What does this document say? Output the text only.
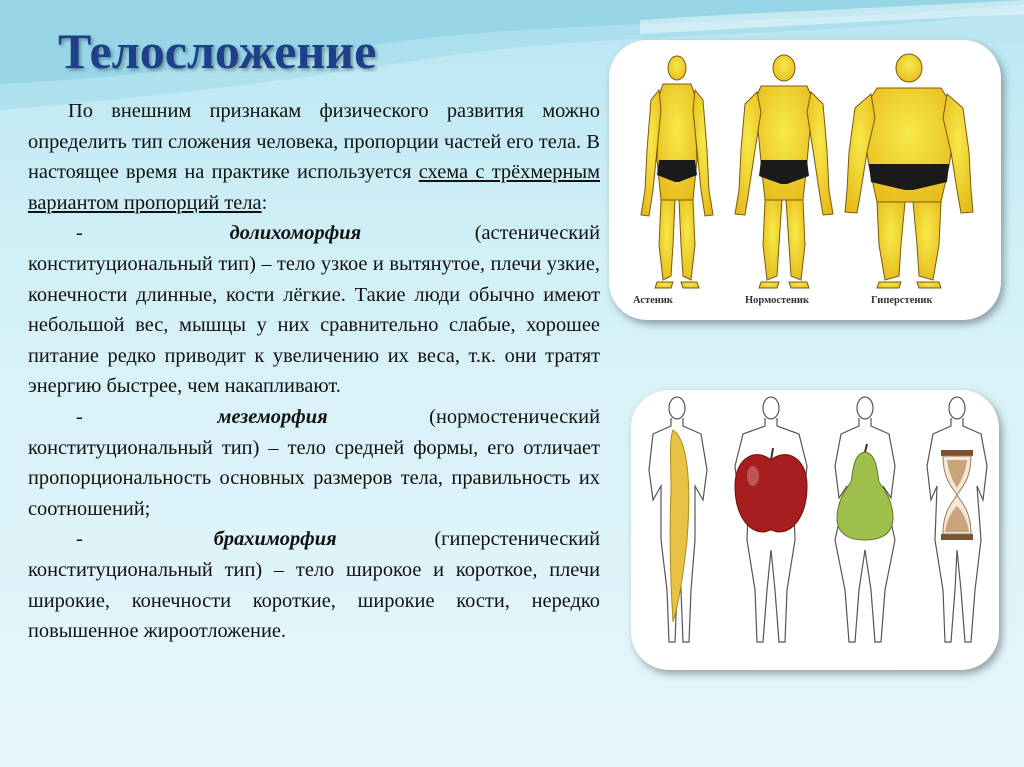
Телосложение

По внешним признакам физического развития можно определить тип сложения человека, пропорции частей его тела. В настоящее время на практике используется схема с трёхмерным вариантом пропорций тела:

-	долихоморфия	(астенический

конституциональный тип) – тело узкое и вытянутое, плечи узкие, конечности длинные, кости лёгкие. Такие люди обычно имеют небольшой вес, мышцы у них сравнительно слабые, хорошее питание редко приводит к увеличению их веса, т.к. они тратят энергию быстрее, чем накапливают.

-	меземорфия	(нормостенический

конституциональный тип) – тело средней формы, его отличает пропорциональность основных размеров тела, правильность их соотношений;

-	брахиморфия	(гиперстенический

конституциональный тип) – тело широкое и короткое, плечи широкие, конечности короткие, широкие кости, нередко повышенное жироотложение.

Астеник	Нормостеник	Гиперстеник
